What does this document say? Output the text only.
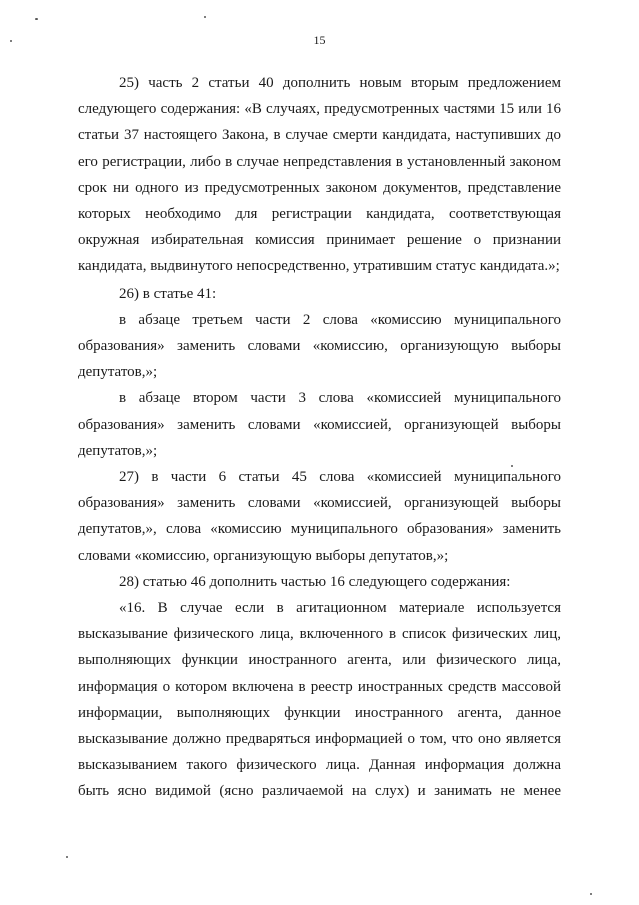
15

25) часть 2 статьи 40 дополнить новым вторым предложением следующего содержания: «В случаях, предусмотренных частями 15 или 16 статьи 37 настоящего Закона, в случае смерти кандидата, наступивших до его регистрации, либо в случае непредставления в установленный законом срок ни одного из предусмотренных законом документов, представление которых необходимо для регистрации кандидата, соответствующая окружная избирательная комиссия принимает решение о признании кандидата, выдвинутого непосредственно, утратившим статус кандидата.»;

26) в статье 41:

в абзаце третьем части 2 слова «комиссию муниципального образования» заменить словами «комиссию, организующую выборы депутатов,»;

в абзаце втором части 3 слова «комиссией муниципального образования» заменить словами «комиссией, организующей выборы депутатов,»;

27) в части 6 статьи 45 слова «комиссией муниципального образования» заменить словами «комиссией, организующей выборы депутатов,», слова «комиссию муниципального образования» заменить словами «комиссию, организующую выборы депутатов,»;

28) статью 46 дополнить частью 16 следующего содержания:

«16. В случае если в агитационном материале используется высказывание физического лица, включенного в список физических лиц, выполняющих функции иностранного агента, или физического лица, информация о котором включена в реестр иностранных средств массовой информации, выполняющих функции иностранного агента, данное высказывание должно предваряться информацией о том, что оно является высказыванием такого физического лица. Данная информация должна быть ясно видимой (ясно различаемой на слух) и занимать не менее
